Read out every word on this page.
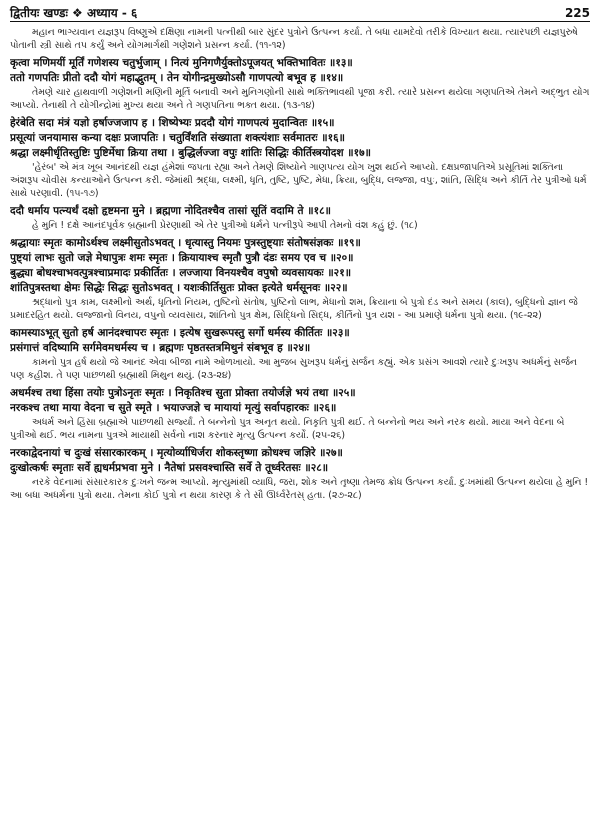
द्वितीयः खण्डः ❖ अध्याय - ६	225

મહાન ભાગ્યવાન યજ્ઞરૂપ વિષ્ણુએ દક્ષિણા નામની પત્નીથી બાર સુંદર પુત્રોને ઉત્પન્ન કર્યા. તે બધા યામદેવો તરીકે વિખ્યાત થયા. ત્યારપછી યજ્ઞપુરુષે પોતાની સ્ત્રી સાથે તપ કર્યું અને યોગમાર્ગથી ગણેશને પ્રસન્ન કર્યા. (૧૧-૧૨)

कृत्वा मणिमयीं मूर्तिं गणेशस्य चतुर्भुजाम् । नित्यं मुनिगणैर्युक्तोऽपूजयत् भक्तिभावितः ॥१३॥

ततो गणपतिः प्रीतो ददौ योगं महाद्भुतम् । तेन योगीन्द्रमुख्योऽसौ गाणपत्यो बभूव ह ॥१४॥

તેમણે ચાર હાથવાળી ગણેશની મણિની મૂર્તિ બનાવી અને મુનિગણોની સાથે ભક્તિભાવથી પૂજા કરી. ત્યારે પ્રસન્ન થયેલા ગણપતિએ તેમને અદ્ભુત યોગ આપ્યો. તેનાથી તે યોગીન્દ્રોમાં મુખ્ય થયા અને તે ગણપતિના ભક્ત થયા. (૧૩-૧૪)

हेरंबेति सदा मंत्रं यज्ञो हर्षाज्जजाप ह । शिष्येभ्यः प्रददौ योगं गाणपत्यं मुदान्वितः ॥१५॥

प्रसूत्यां जनयामास कन्या दक्षः प्रजापतिः । चतुर्विंशति संख्याता शक्त्यंशाः सर्वमातरः ॥१६॥

श्रद्धा लक्ष्मीर्धृतिस्तुष्टिः पुष्टिर्मेधा क्रिया तथा । बुद्धिर्लज्जा वपुः शांतिः सिद्धिः कीर्तिस्त्रयोदश ॥१७॥

'હેરંબ' એ મંત્ર ખૂબ આનંદથી યજ્ઞ હંમેશાં જપતા રહ્યા અને તેમણે શિષ્યોને ગાણપત્ય યોગ ખુશ થઈને આપ્યો. દક્ષપ્રજાપતિએ પ્રસૂતિમાં શક્તિના અંશરૂપ ચોવીસ કન્યાઓને ઉત્પન્ન કરી. જેમાંથી શ્રદ્ધા, લક્ષ્મી, ધૃતિ, તુષ્ટિ, પુષ્ટિ, મેધા, ક્રિયા, બુદ્ધિ, લજ્જા, વપુઃ, શાંતિ, સિદ્ધિ અને કીર્તિ તેર પુત્રીઓ ધર્મ સાથે પરણાવી. (૧૫-૧૭)

ददौ धर्माय पत्न्यर्थं दक्षो हृष्टमना मुने । ब्रह्मणा नोदितश्चैव तासां सूतिं वदामि ते ॥१८॥

હે મુનિ ! દક્ષે આનંદપૂર્વક બ્રહ્માની પ્રેરણાથી એ તેર પુત્રીઓ ધર્મને પત્નીરૂપે આપી તેમનો વંશ કહું છું. (૧૮)

श्रद्धायाः स्मृतः कामोऽर्थश्च लक्ष्मीसुतोऽभवत् । धृत्यास्तु नियमः पुत्रस्तुष्ट्याः संतोषसंज्ञकः ॥१९॥

पुष्ट्यां लाभः सुतो जज्ञे मेधापुत्रः शमः स्मृतः । क्रियायाश्च स्मृतौ पुत्रौ दंडः समय एव च ॥२०॥

बुद्ध्या बोधश्चाभवत्पुत्रश्चाप्रमादः प्रकीर्तितः । लज्जाया विनयश्चैव वपुषो व्यवसायकः ॥२१॥

शांतिपुत्रस्तथा क्षेमः सिद्धेः सिद्धः सुतोऽभवत् । यशःकीर्तिसुतः प्रोक्त इत्येते धर्मसूनवः ॥२२॥

શ્રદ્ધાનો પુત્ર કામ, લક્ષ્મીનો અર્થ, ધૃતિનો નિયમ, તુષ્ટિનો સંતોષ, પુષ્ટિનો લાભ, મેધાનો શમ, ક્રિયાના બે પુત્રો દંડ અને સમય (કાલ), બુદ્ધિનો જ્ઞાન જે પ્રમાદરહિત થયો. લજ્જાનો વિનય, વપુનો વ્યવસાય, શાંતિનો પુત્ર ક્ષેમ, સિદ્ધિનો સિદ્ધ, કીર્તિનો પુત્ર યશ - આ પ્રમાણે ધર્મના પુત્રો થયા. (૧૯-૨૨)

कामस्याऽभूत् सुतो हर्ष आनंदश्चापरः स्मृतः । इत्येष सुखरूपस्तु सर्गो धर्मस्य कीर्तितः ॥२३॥

प्रसंगात्तं वदिष्यामि सर्गमेवमधर्मस्य च । ब्रह्मणः पृष्ठतस्तत्रमिथुनं संबभूव ह ॥२४॥

કામનો પુત્ર હર્ષ થયો જે આનંદ એવા બીજા નામે ઓળખાયો. આ મુજબ સુખરૂપ ધર્મનું સર્જન કહ્યું. એક પ્રસંગ આવશે ત્યારે દુઃખરૂપ અધર્મનું સર્જન પણ કહીશ. તે પણ પાછળથી બ્રહ્માથી મિથુન થયું. (૨૩-૨૪)

अधर्मश्च तथा हिंसा तयोः पुत्रोऽनृतः स्मृतः । निकृतिश्च सुता प्रोक्ता तयोर्जज्ञे भयं तथा ॥२५॥

नरकश्च तथा माया वेदना च सुते स्मृते । भयाज्जज्ञे च मायायां मृत्युं सर्वापहारकः ॥२६॥

અધર્મ અને હિંસા બ્રહ્માએ પાછળથી સર્જ્યાં. તે બન્નેનો પુત્ર અનૃત થયો. નિકૃતિ પુત્રી થઈ. તે બન્નેનો ભય અને નરક થયો. માયા અને વેદના બે પુત્રીઓ થઈ. ભય નામના પુત્રએ માયાથી સર્વનો નાશ કરનાર મૃત્યુ ઉત્પન્ન કર્યો. (૨૫-૨૬)

नरकाद्वेदनायां च दुःखं संसारकारकम् । मृत्योर्व्याधिर्जरा शोकस्तृष्णा क्रोधश्च जज्ञिरे ॥२७॥

दुःखोत्कर्षः स्मृताः सर्वे ह्यधर्मप्रभवा मुने । नैतेषां प्रसवश्चास्ति सर्वे ते तूर्ध्वरेतसः ॥२८॥

નરકે વેદનામાં સંસારકારક દુઃખને જન્મ આપ્યો. મૃત્યુમાંથી વ્યાધિ, જરા, શોક અને તૃષ્ણા તેમજ ક્રોધ ઉત્પન્ન કર્યા. દુઃખમાંથી ઉત્પન્ન થયેલા હે મુનિ ! આ બધા અધર્મના પુત્રો થયા. તેમના કોઈ પુત્રો ન થયા કારણ કે તે સૌ ઊર્ધ્વરેતસ્ હતા. (૨૭-૨૮)
